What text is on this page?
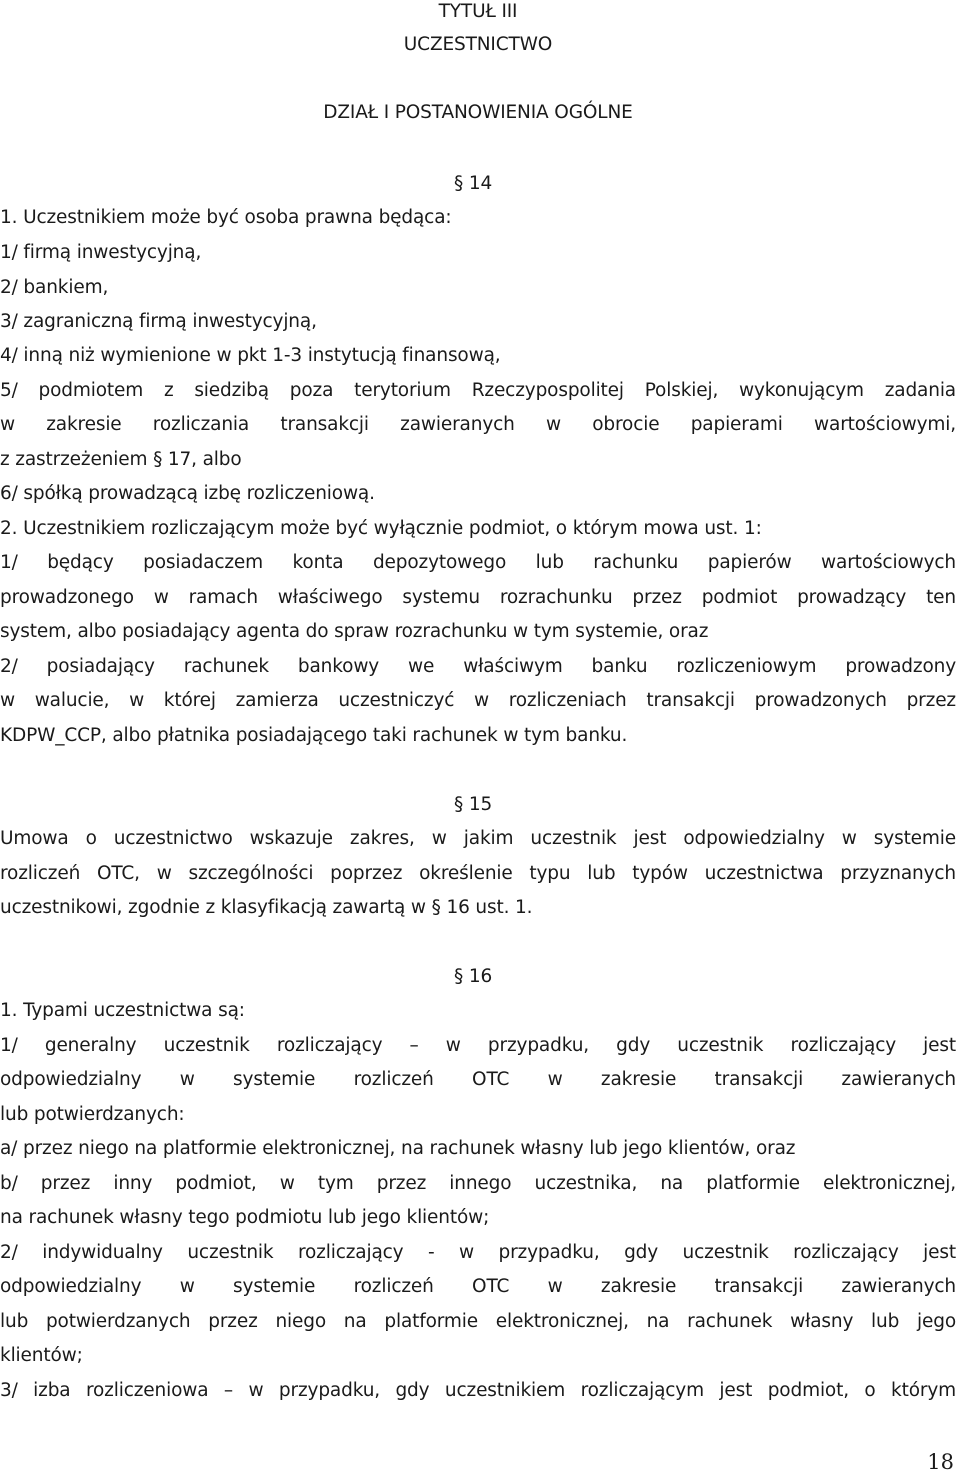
TYTUŁ III
UCZESTNICTWO
DZIAŁ I POSTANOWIENIA OGÓLNE
§ 14
1. Uczestnikiem może być osoba prawna będąca:
1/ firmą inwestycyjną,
2/ bankiem,
3/ zagraniczną firmą inwestycyjną,
4/ inną niż wymienione w pkt 1-3 instytucją finansową,
5/ podmiotem z siedzibą poza terytorium Rzeczypospolitej Polskiej, wykonującym zadania
w zakresie rozliczania transakcji zawieranych w obrocie papierami wartościowymi,
z zastrzeżeniem § 17, albo
6/ spółką prowadzącą izbę rozliczeniową.
2. Uczestnikiem rozliczającym może być wyłącznie podmiot, o którym mowa ust. 1:
1/ będący posiadaczem konta depozytowego lub rachunku papierów wartościowych
prowadzonego w ramach właściwego systemu rozrachunku przez podmiot prowadzący ten
system, albo posiadający agenta do spraw rozrachunku w tym systemie, oraz
2/ posiadający rachunek bankowy we właściwym banku rozliczeniowym prowadzony
w walucie, w której zamierza uczestniczyć w rozliczeniach transakcji prowadzonych przez
KDPW_CCP, albo płatnika posiadającego taki rachunek w tym banku.
§ 15
Umowa o uczestnictwo wskazuje zakres, w jakim uczestnik jest odpowiedzialny w systemie
rozliczeń OTC, w szczególności poprzez określenie typu lub typów uczestnictwa przyznanych
uczestnikowi, zgodnie z klasyfikacją zawartą w § 16 ust. 1.
§ 16
1. Typami uczestnictwa są:
1/ generalny uczestnik rozliczający – w przypadku, gdy uczestnik rozliczający jest
odpowiedzialny w systemie rozliczeń OTC w zakresie transakcji zawieranych
lub potwierdzanych:
a/ przez niego na platformie elektronicznej, na rachunek własny lub jego klientów, oraz
b/ przez inny podmiot, w tym przez innego uczestnika, na platformie elektronicznej,
na rachunek własny tego podmiotu lub jego klientów;
2/ indywidualny uczestnik rozliczający - w przypadku, gdy uczestnik rozliczający jest
odpowiedzialny w systemie rozliczeń OTC w zakresie transakcji zawieranych
lub potwierdzanych przez niego na platformie elektronicznej, na rachunek własny lub jego
klientów;
3/ izba rozliczeniowa – w przypadku, gdy uczestnikiem rozliczającym jest podmiot, o którym
18
